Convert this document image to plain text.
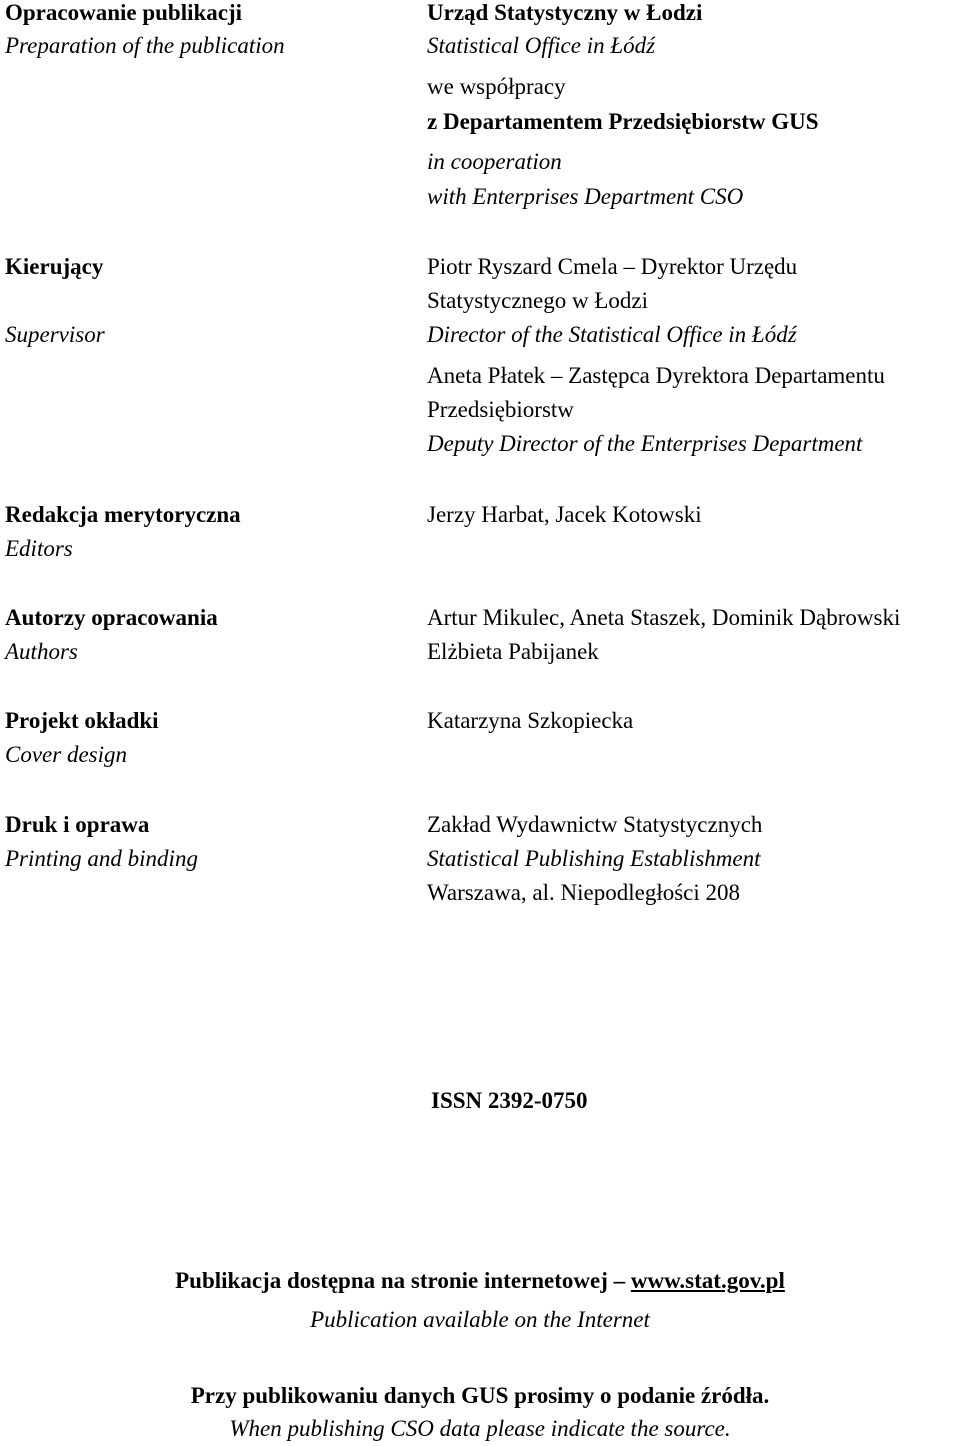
Opracowanie publikacji
Preparation of the publication
Kierujący
Supervisor
Redakcja merytoryczna
Editors
Autorzy opracowania
Authors
Projekt okładki
Cover design
Druk i oprawa
Printing and binding
Urząd Statystyczny w Łodzi
Statistical Office in Łódź
we współpracy
z Departamentem Przedsiębiorstw GUS
in cooperation
with Enterprises Department CSO
Piotr Ryszard Cmela – Dyrektor Urzędu
Statystycznego w Łodzi
Director of the Statistical Office in Łódź
Aneta Płatek – Zastępca Dyrektora Departamentu
Przedsiębiorstw
Deputy Director of the Enterprises Department
Jerzy Harbat, Jacek Kotowski
Artur Mikulec, Aneta Staszek, Dominik Dąbrowski
Elżbieta Pabijanek
Katarzyna Szkopiecka
Zakład Wydawnictw Statystycznych
Statistical Publishing Establishment
Warszawa, al. Niepodległości 208
ISSN 2392-0750
Publikacja dostępna na stronie internetowej – www.stat.gov.pl
Publication available on the Internet
Przy publikowaniu danych GUS prosimy o podanie źródła.
When publishing CSO data please indicate the source.
